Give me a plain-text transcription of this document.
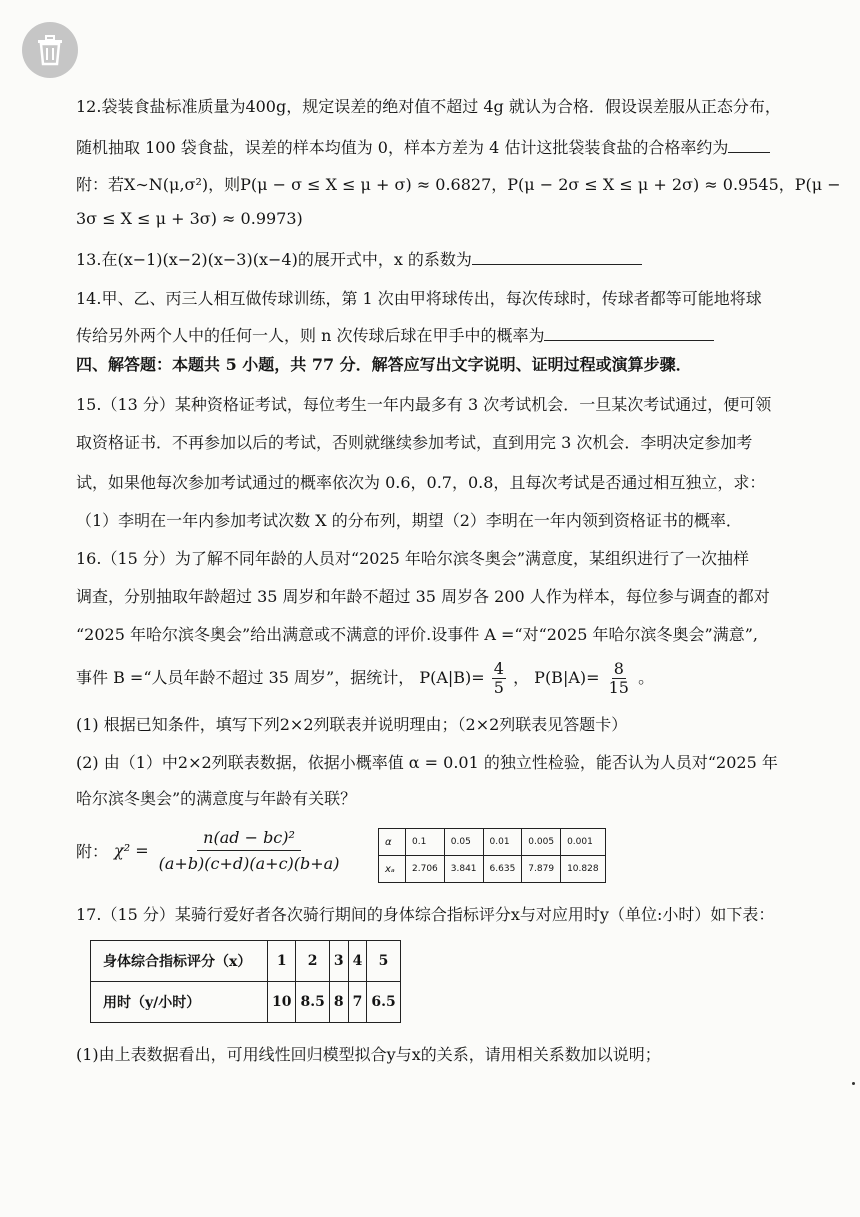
12.袋装食盐标准质量为400g，规定误差的绝对值不超过 4g 就认为合格．假设误差服从正态分布，
随机抽取 100 袋食盐，误差的样本均值为 0，样本方差为 4 估计这批袋装食盐的合格率约为
附：若X∼N(μ,σ²)，则P(μ − σ ≤ X ≤ μ + σ) ≈ 0.6827，P(μ − 2σ ≤ X ≤ μ + 2σ) ≈ 0.9545，P(μ −
3σ ≤ X ≤ μ + 3σ) ≈ 0.9973)
13.在(x−1)(x−2)(x−3)(x−4)的展开式中，x 的系数为
14.甲、乙、丙三人相互做传球训练，第 1 次由甲将球传出，每次传球时，传球者都等可能地将球
传给另外两个人中的任何一人，则 n 次传球后球在甲手中的概率为
四、解答题：本题共 5 小题，共 77 分．解答应写出文字说明、证明过程或演算步骤．
15.（13 分）某种资格证考试，每位考生一年内最多有 3 次考试机会．一旦某次考试通过，便可领
取资格证书．不再参加以后的考试，否则就继续参加考试，直到用完 3 次机会．李明决定参加考
试，如果他每次参加考试通过的概率依次为 0.6，0.7，0.8，且每次考试是否通过相互独立，求：
（1）李明在一年内参加考试次数 X 的分布列，期望（2）李明在一年内领到资格证书的概率．
16.（15 分）为了解不同年龄的人员对“2025 年哈尔滨冬奥会”满意度，某组织进行了一次抽样
调查，分别抽取年龄超过 35 周岁和年龄不超过 35 周岁各 200 人作为样本，每位参与调查的都对
“2025 年哈尔滨冬奥会”给出满意或不满意的评价.设事件 A =“对“2025 年哈尔滨冬奥会”满意”,
事件 B =“人员年龄不超过 35 周岁”，据统计， $P(A|B)= \frac{4}{5}$ ， $P(B|A)= \frac{8}{15}$ 。
(1) 根据已知条件，填写下列2×2列联表并说明理由；（2×2列联表见答题卡）
(2) 由（1）中2×2列联表数据，依据小概率值 α = 0.01 的独立性检验，能否认为人员对“2025 年
哈尔滨冬奥会”的满意度与年龄有关联？
附： $\chi^2 = \frac{\text{n(ad − bc)²}}{(a+b)(c+d)(a+c)(b+a)}$	α	0.1	0.05	0.01	0.005	0.001
xₐ	2.706	3.841	6.635	7.879	10.828
17.（15 分）某骑行爱好者各次骑行期间的身体综合指标评分x与对应用时y（单位:小时）如下表：
身体综合指标评分（x）	1	2	3	4	5
用时（y/小时）	10	8.5	8	7	6.5
(1)由上表数据看出，可用线性回归模型拟合y与x的关系，请用相关系数加以说明；
